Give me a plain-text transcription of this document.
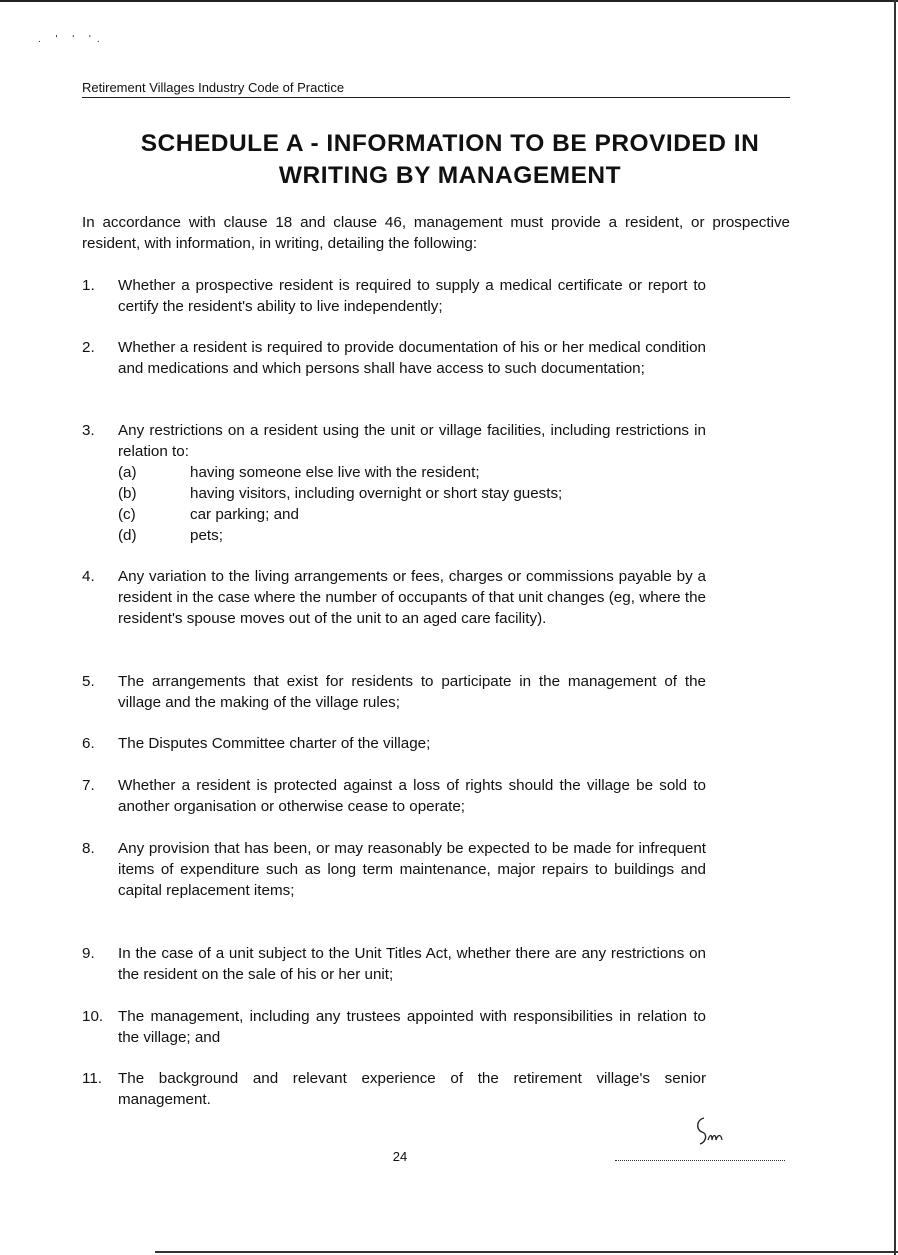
. ' ' '.
Retirement Villages Industry Code of Practice
SCHEDULE A - INFORMATION TO BE PROVIDED IN
WRITING BY MANAGEMENT
In accordance with clause 18 and clause 46, management must provide a resident, or prospective resident, with information, in writing, detailing the following:
1. Whether a prospective resident is required to supply a medical certificate or report to certify the resident's ability to live independently;
2. Whether a resident is required to provide documentation of his or her medical condition and medications and which persons shall have access to such documentation;
3. Any restrictions on a resident using the unit or village facilities, including restrictions in relation to:
(a)	having someone else live with the resident;
(b)	having visitors, including overnight or short stay guests;
(c)	car parking; and
(d)	pets;
4. Any variation to the living arrangements or fees, charges or commissions payable by a resident in the case where the number of occupants of that unit changes (eg, where the resident's spouse moves out of the unit to an aged care facility).
5. The arrangements that exist for residents to participate in the management of the village and the making of the village rules;
6. The Disputes Committee charter of the village;
7. Whether a resident is protected against a loss of rights should the village be sold to another organisation or otherwise cease to operate;
8. Any provision that has been, or may reasonably be expected to be made for infrequent items of expenditure such as long term maintenance, major repairs to buildings and capital replacement items;
9. In the case of a unit subject to the Unit Titles Act, whether there are any restrictions on the resident on the sale of his or her unit;
10. The management, including any trustees appointed with responsibilities in relation to the village; and
11. The background and relevant experience of the retirement village's senior management.
24
